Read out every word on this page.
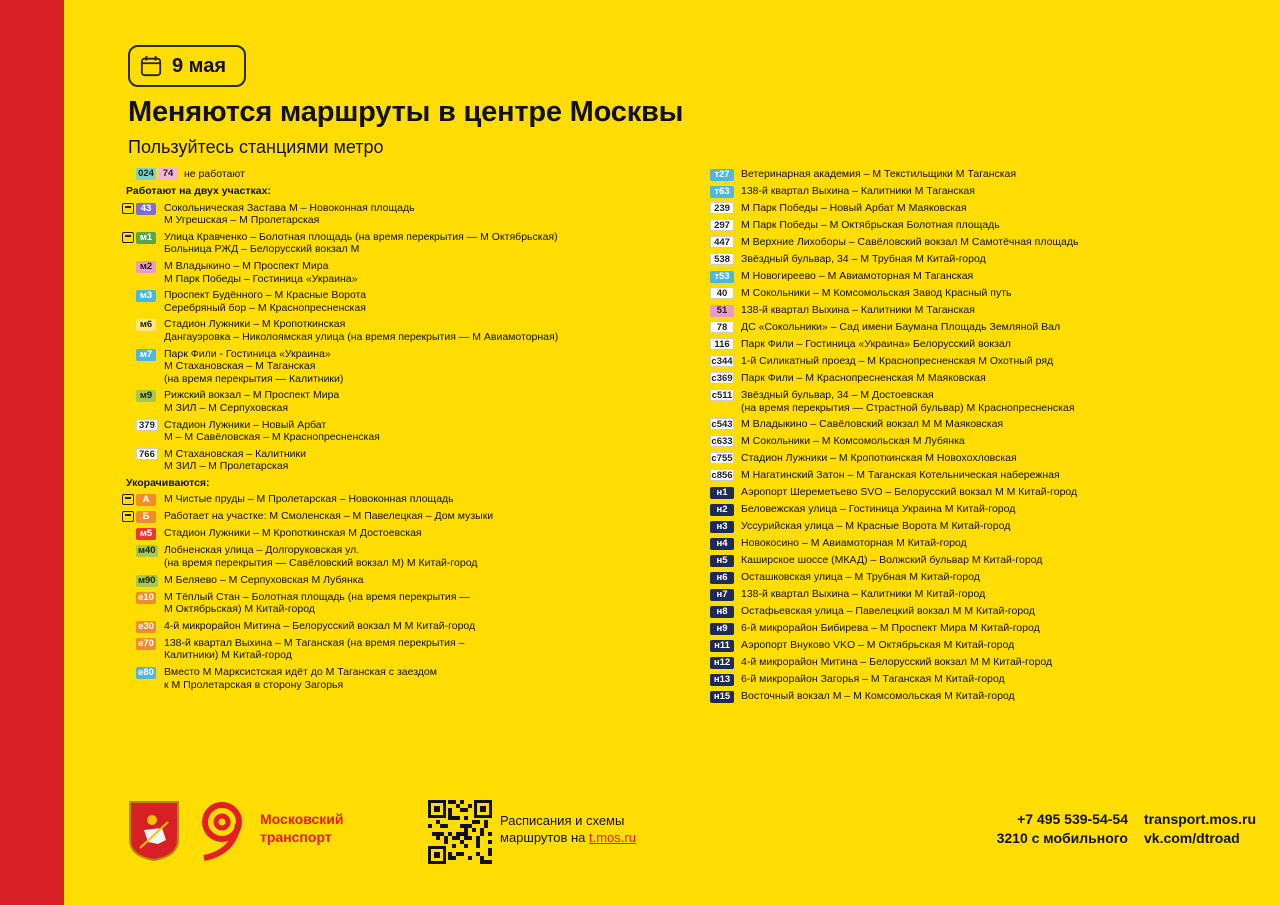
9 мая
Меняются маршруты в центре Москвы
Пользуйтесь станциями метро
024 74	не работают
Работают на двух участках:
43	Сокольническая Застава М – Новоконная площадь
М Угрешская – М Пролетарская
м1	Улица Кравченко – Болотная площадь (на время перекрытия — М Октябрьская)
Больница РЖД – Белорусский вокзал М
м2	М Владыкино – М Проспект Мира
М Парк Победы – Гостиница «Украина»
м3	Проспект Будённого – М Красные Ворота
Серебряный бор – М Краснопресненская
м6	Стадион Лужники – М Кропоткинская
Дангауэровка – Николоямская улица (на время перекрытия — М Авиамоторная)
м7	Парк Фили - Гостиница «Украина»
М Стахановская – М Таганская
(на время перекрытия — Калитники)
м9	Рижский вокзал – М Проспект Мира
М ЗИЛ – М Серпуховская
379 Стадион Лужники – Новый Арбат
М – М Савёловская – М Краснопресненская
766 М Стахановская – Калитники
М ЗИЛ – М Пролетарская
Укорачиваются:
А	М Чистые пруды – М Пролетарская – Новоконная площадь
Б	Работает на участке: М Смоленская – М Павелецкая – Дом музыки
м5	Стадион Лужники – М Кропоткинская М Достоевская
м40 Лобненская улица – Долгоруковская ул.
(на время перекрытия — Савёловский вокзал М) М Китай-город
м90 М Беляево – М Серпуховская М Лубянка
е10 М Тёплый Стан – Болотная площадь (на время перекрытия —
М Октябрьская) М Китай-город
е30 4-й микрорайон Митина – Белорусский вокзал М М Китай-город
е70 138-й квартал Выхина – М Таганская (на время перекрытия –
Калитники) М Китай-город
е80 Вместо М Марксистская идёт до М Таганская с заездом
к М Пролетарская в сторону Загорья
т27	Ветеринарная академия – М Текстильщики М Таганская
т63	138-й квартал Выхина – Калитники М Таганская
239	М Парк Победы – Новый Арбат М Маяковская
297	М Парк Победы – М Октябрьская Болотная площадь
447	М Верхние Лихоборы – Савёловский вокзал М Самотёчная площадь
538	Звёздный бульвар, 34 – М Трубная М Китай-город
т53	М Новогиреево – М Авиамоторная М Таганская
40	М Сокольники – М Комсомольская Завод Красный путь
51	138-й квартал Выхина – Калитники М Таганская
78	ДС «Сокольники» – Сад имени Баумана Площадь Земляной Вал
116	Парк Фили – Гостиница «Украина» Белорусский вокзал
с344 1-й Силикатный проезд – М Краснопресненская М Охотный ряд
с369 Парк Фили – М Краснопресненская М Маяковская
с511 Звёздный бульвар, 34 – М Достоевская
(на время перекрытия — Страстной бульвар) М Краснопресненская
с543 М Владыкино – Савёловский вокзал М М Маяковская
с633 М Сокольники – М Комсомольская М Лубянка
с755 Стадион Лужники – М Кропоткинская М Новохохловская
с856 М Нагатинский Затон – М Таганская Котельническая набережная
н1	Аэропорт Шереметьево SVO – Белорусский вокзал М М Китай-город
н2	Беловежская улица – Гостиница Украина М Китай-город
н3	Уссурийская улица – М Красные Ворота М Китай-город
н4	Новокосино – М Авиамоторная М Китай-город
н5	Каширское шоссе (МКАД) – Волжский бульвар М Китай-город
н6	Осташковская улица – М Трубная М Китай-город
н7	138-й квартал Выхина – Калитники М Китай-город
н8	Остафьевская улица – Павелецкий вокзал М М Китай-город
н9	6-й микрорайон Бибирева – М Проспект Мира М Китай-город
н11	Аэропорт Внуково VKO – М Октябрьская М Китай-город
н12	4-й микрорайон Митина – Белорусский вокзал М М Китай-город
н13	6-й микрорайон Загорья – М Таганская М Китай-город
н15	Восточный вокзал М – М Комсомольская М Китай-город
Московский
транспорт
Расписания и схемы
маршрутов на t.mos.ru
+7 495 539-54-54
3210 с мобильного
transport.mos.ru
vk.com/dtroad
